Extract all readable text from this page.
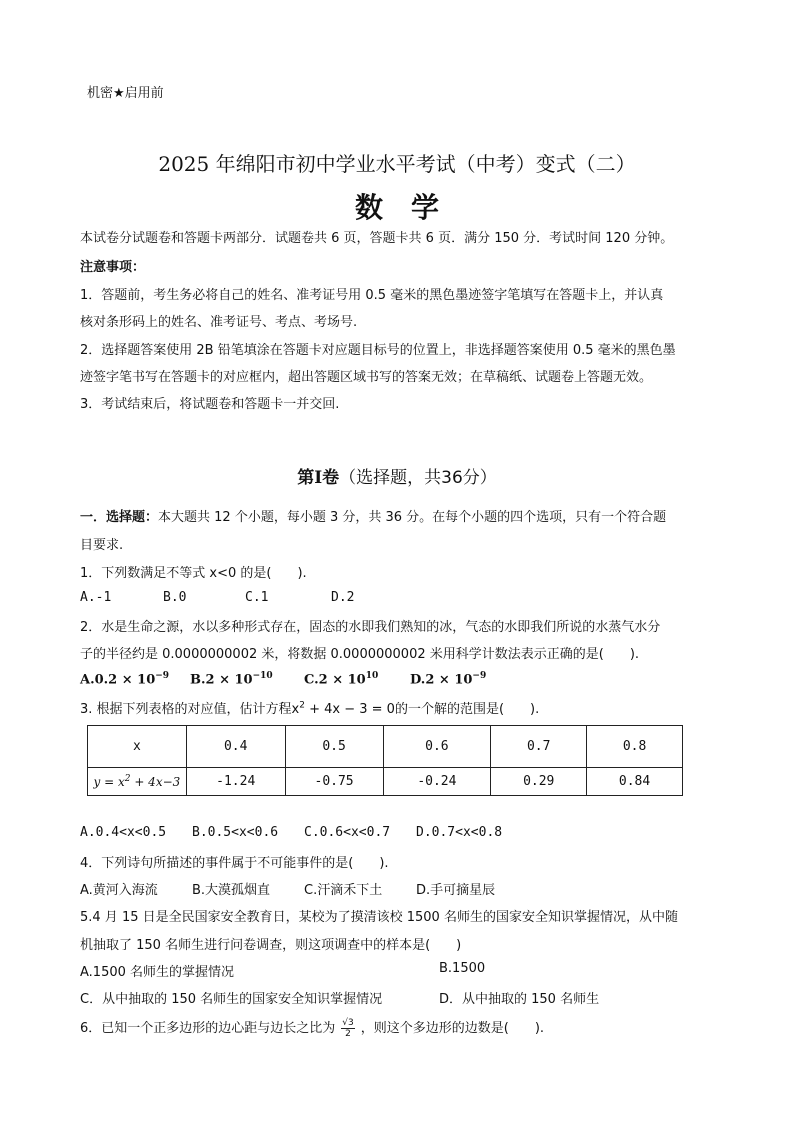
机密★启用前
2025 年绵阳市初中学业水平考试（中考）变式（二）
数　学
本试卷分试题卷和答题卡两部分．试题卷共 6 页，答题卡共 6 页．满分 150 分．考试时间 120 分钟。
注意事项：
1．答题前，考生务必将自己的姓名、准考证号用 0.5 毫米的黑色墨迹签字笔填写在答题卡上，并认真
核对条形码上的姓名、准考证号、考点、考场号.
2．选择题答案使用 2B 铅笔填涂在答题卡对应题目标号的位置上，非选择题答案使用 0.5 毫米的黑色墨
迹签字笔书写在答题卡的对应框内，超出答题区域书写的答案无效；在草稿纸、试题卷上答题无效。
3．考试结束后，将试题卷和答题卡一并交回.
第Ⅰ卷（选择题，共36分）
一．选择题：本大题共 12 个小题，每小题 3 分，共 36 分。在每个小题的四个选项，只有一个符合题
目要求.
1．下列数满足不等式 x<0 的是(　　).
A.-1	B.0	C.1	D.2
2．水是生命之源，水以多种形式存在，固态的水即我们熟知的冰，气态的水即我们所说的水蒸气水分
子的半径约是 0.0000000002 米，将数据 0.0000000002 米用科学计数法表示正确的是(　　).
$A.0.2 \times 10^{-9}$ $B.2 \times 10^{-10}$ $C.2 \times 10^{10}$ $D.2 \times 10^{-9}$
3. 根据下列表格的对应值，估计方程$x^2 + 4x - 3 = 0$的一个解的范围是(　　).
x	0.4	0.5	0.6	0.7	0.8
$y = x^2 + 4x-3$	-1.24	-0.75	-0.24	0.29	0.84
A.0.4<x<0.5 B.0.5<x<0.6 C.0.6<x<0.7 D.0.7<x<0.8
4．下列诗句所描述的事件属于不可能事件的是(　　).
A.黄河入海流	B.大漠孤烟直	C.汗滴禾下土	D.手可摘星辰
5.4 月 15 日是全民国家安全教育日，某校为了摸清该校 1500 名师生的国家安全知识掌握情况，从中随
机抽取了 150 名师生进行问卷调查，则这项调查中的样本是(　　)
A.1500 名师生的掌握情况	B.1500
C．从中抽取的 150 名师生的国家安全知识掌握情况	D．从中抽取的 150 名师生
6．已知一个正多边形的边心距与边长之比为 $\frac{√3}{2}$ ，则这个多边形的边数是(　　).
